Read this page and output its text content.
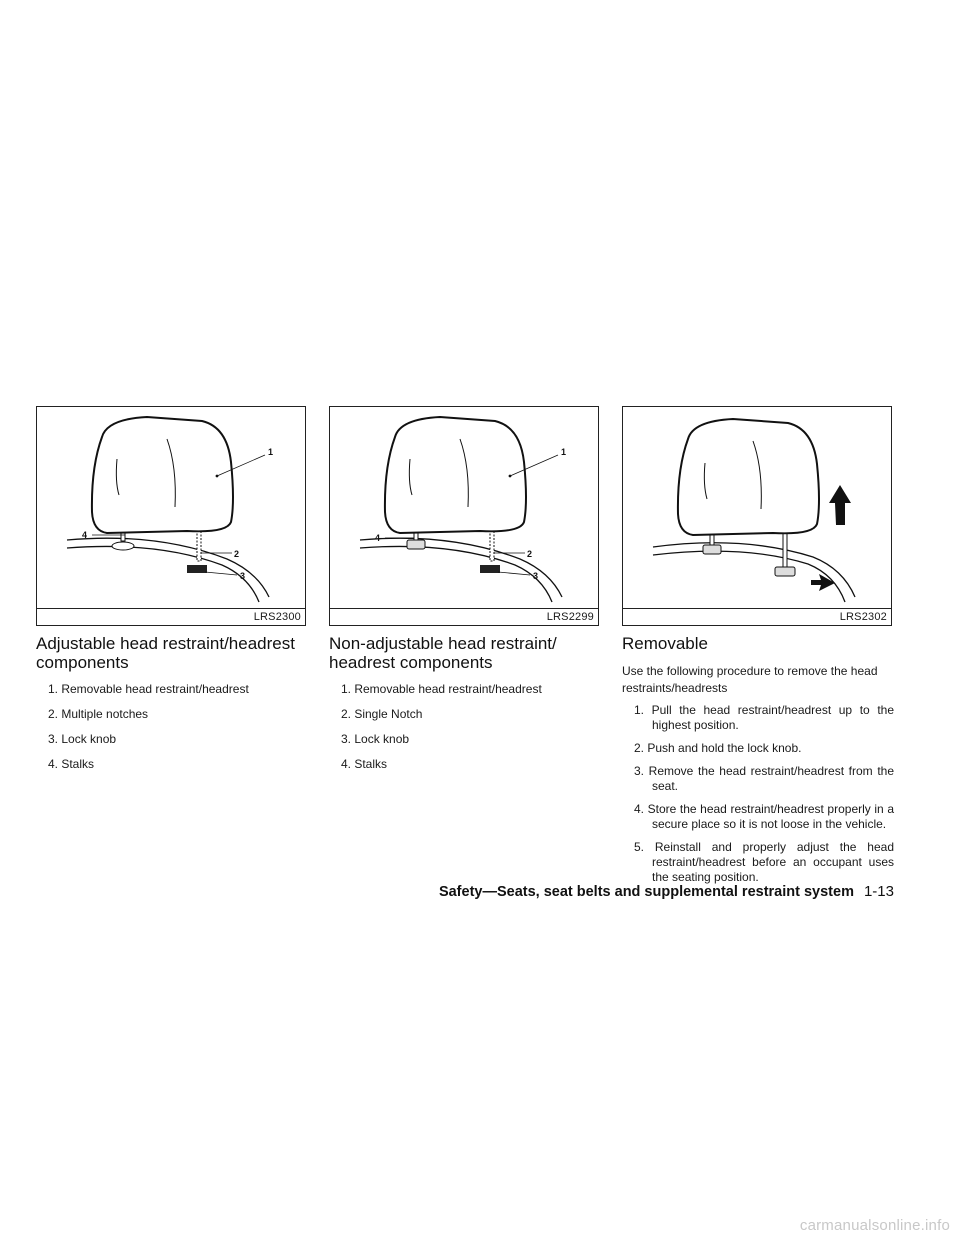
1
2
3
4
LRS2300
Adjustable head restraint/headrest components
1. Removable head restraint/headrest
2. Multiple notches
3. Lock knob
4. Stalks
1
2
3
4
LRS2299
Non-adjustable head restraint/ headrest components
1. Removable head restraint/headrest
2. Single Notch
3. Lock knob
4. Stalks
LRS2302
Removable

Use the following procedure to remove the head restraints/headrests

1. Pull the head restraint/headrest up to the highest position.
2. Push and hold the lock knob.
3. Remove the head restraint/headrest from the seat.
4. Store the head restraint/headrest properly in a secure place so it is not loose in the vehicle.
5. Reinstall and properly adjust the head restraint/headrest before an occupant uses the seating position.
Safety—Seats, seat belts and supplemental restraint system 1-13
carmanualsonline.info
